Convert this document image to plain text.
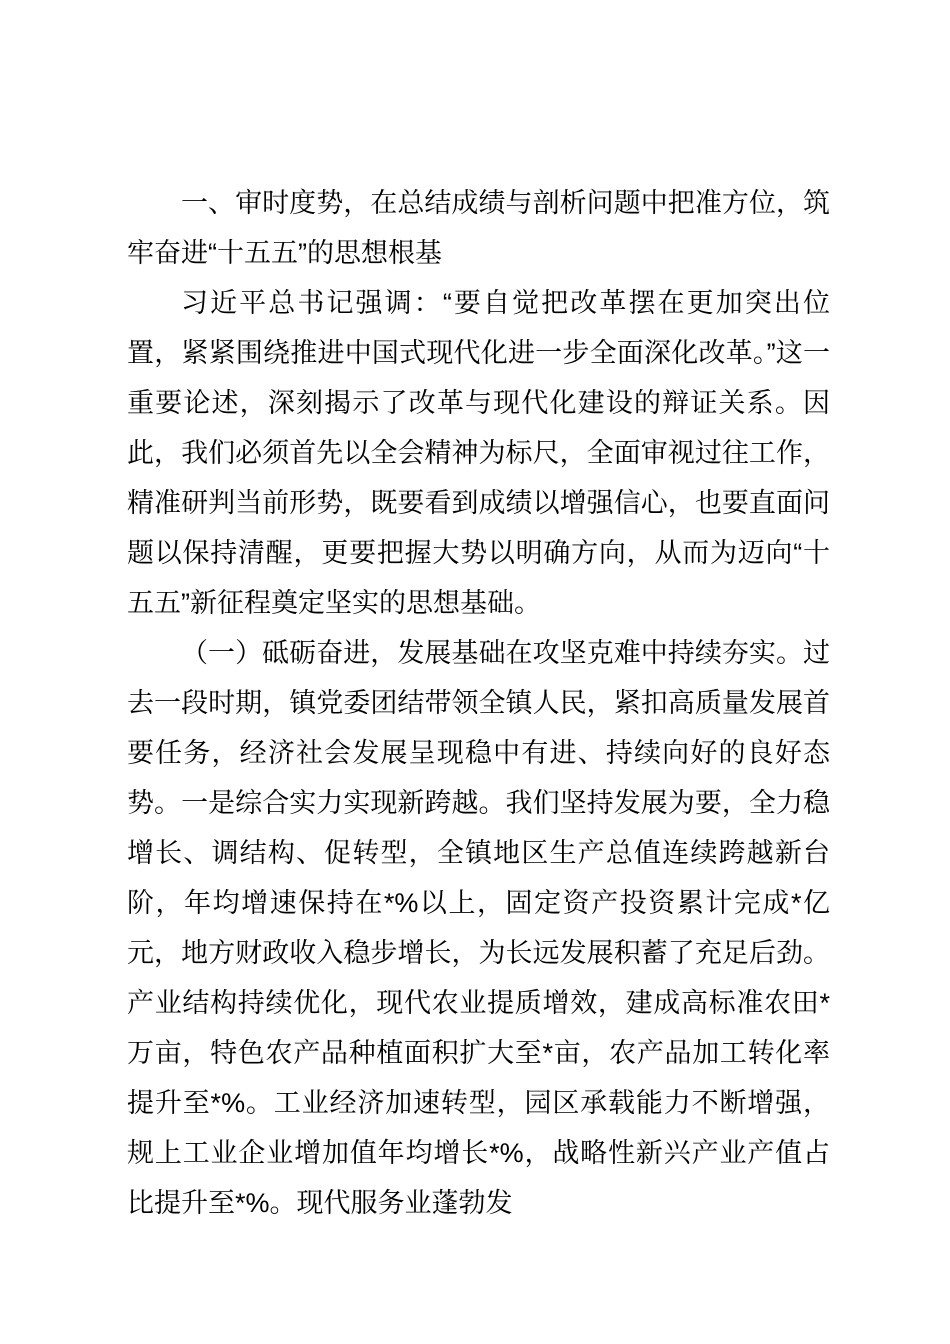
一、审时度势，在总结成绩与剖析问题中把准方位，筑牢奋进“十五五”的思想根基

习近平总书记强调：“要自觉把改革摆在更加突出位置，紧紧围绕推进中国式现代化进一步全面深化改革。”这一重要论述，深刻揭示了改革与现代化建设的辩证关系。因此，我们必须首先以全会精神为标尺，全面审视过往工作，精准研判当前形势，既要看到成绩以增强信心，也要直面问题以保持清醒，更要把握大势以明确方向，从而为迈向“十五五”新征程奠定坚实的思想基础。

（一）砥砺奋进，发展基础在攻坚克难中持续夯实。过去一段时期，镇党委团结带领全镇人民，紧扣高质量发展首要任务，经济社会发展呈现稳中有进、持续向好的良好态势。一是综合实力实现新跨越。我们坚持发展为要，全力稳增长、调结构、促转型，全镇地区生产总值连续跨越新台阶，年均增速保持在*%以上，固定资产投资累计完成*亿元，地方财政收入稳步增长，为长远发展积蓄了充足后劲。产业结构持续优化，现代农业提质增效，建成高标准农田*万亩，特色农产品种植面积扩大至*亩，农产品加工转化率提升至*%。工业经济加速转型，园区承载能力不断增强，规上工业企业增加值年均增长*%，战略性新兴产业产值占比提升至*%。现代服务业蓬勃发
